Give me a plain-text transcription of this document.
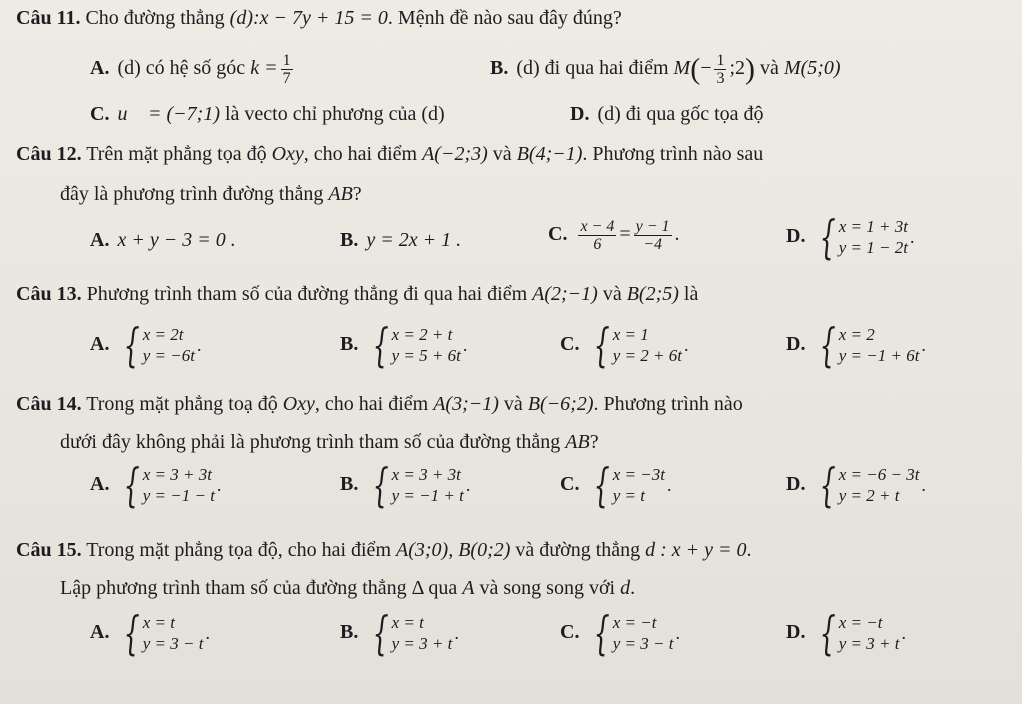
Câu 11. Cho đường thẳng (d):x − 7y + 15 = 0. Mệnh đề nào sau đây đúng?
A. (d) có hệ số góc $k = \frac{1}{7}$	B. (d) đi qua hai điểm $M(- \frac{1}{3}$ ;2) và M(5;0)
C. u⃗ = (−7;1) là vecto chỉ phương của (d)	D. (d) đi qua gốc tọa độ
Câu 12. Trên mặt phẳng tọa độ Oxy, cho hai điểm A(−2;3) và B(4;−1). Phương trình nào sau
đây là phương trình đường thẳng AB?
A. x + y − 3 = 0 .	B. y = 2x + 1 .	C. $\frac{x - 4}{6} = \frac{y - 1}{-4}$ .	D. { x = 1 + 3t
y = 1 − 2t
.
Câu 13. Phương trình tham số của đường thẳng đi qua hai điểm A(2;−1) và B(2;5) là
A. { x = 2t
y = −6t
.	B. { x = 2 + t
y = 5 + 6t
.	C. { x = 1
y = 2 + 6t
.	D. { x = 2
y = −1 + 6t
.
Câu 14. Trong mặt phẳng toạ độ Oxy, cho hai điểm A(3;−1) và B(−6;2). Phương trình nào
dưới đây không phải là phương trình tham số của đường thẳng AB?
A. { x = 3 + 3t
y = −1 − t
.	B. { x = 3 + 3t
y = −1 + t
.	C. { x = −3t
y = t
.	D. { x = −6 − 3t
y = 2 + t
.
Câu 15. Trong mặt phẳng tọa độ, cho hai điểm A(3;0), B(0;2) và đường thẳng d : x + y = 0.
Lập phương trình tham số của đường thẳng Δ qua A và song song với d.
A. { x = t
y = 3 − t
.	B. { x = t
y = 3 + t
.	C. { x = −t
y = 3 − t
.	D. { x = −t
y = 3 + t
.
